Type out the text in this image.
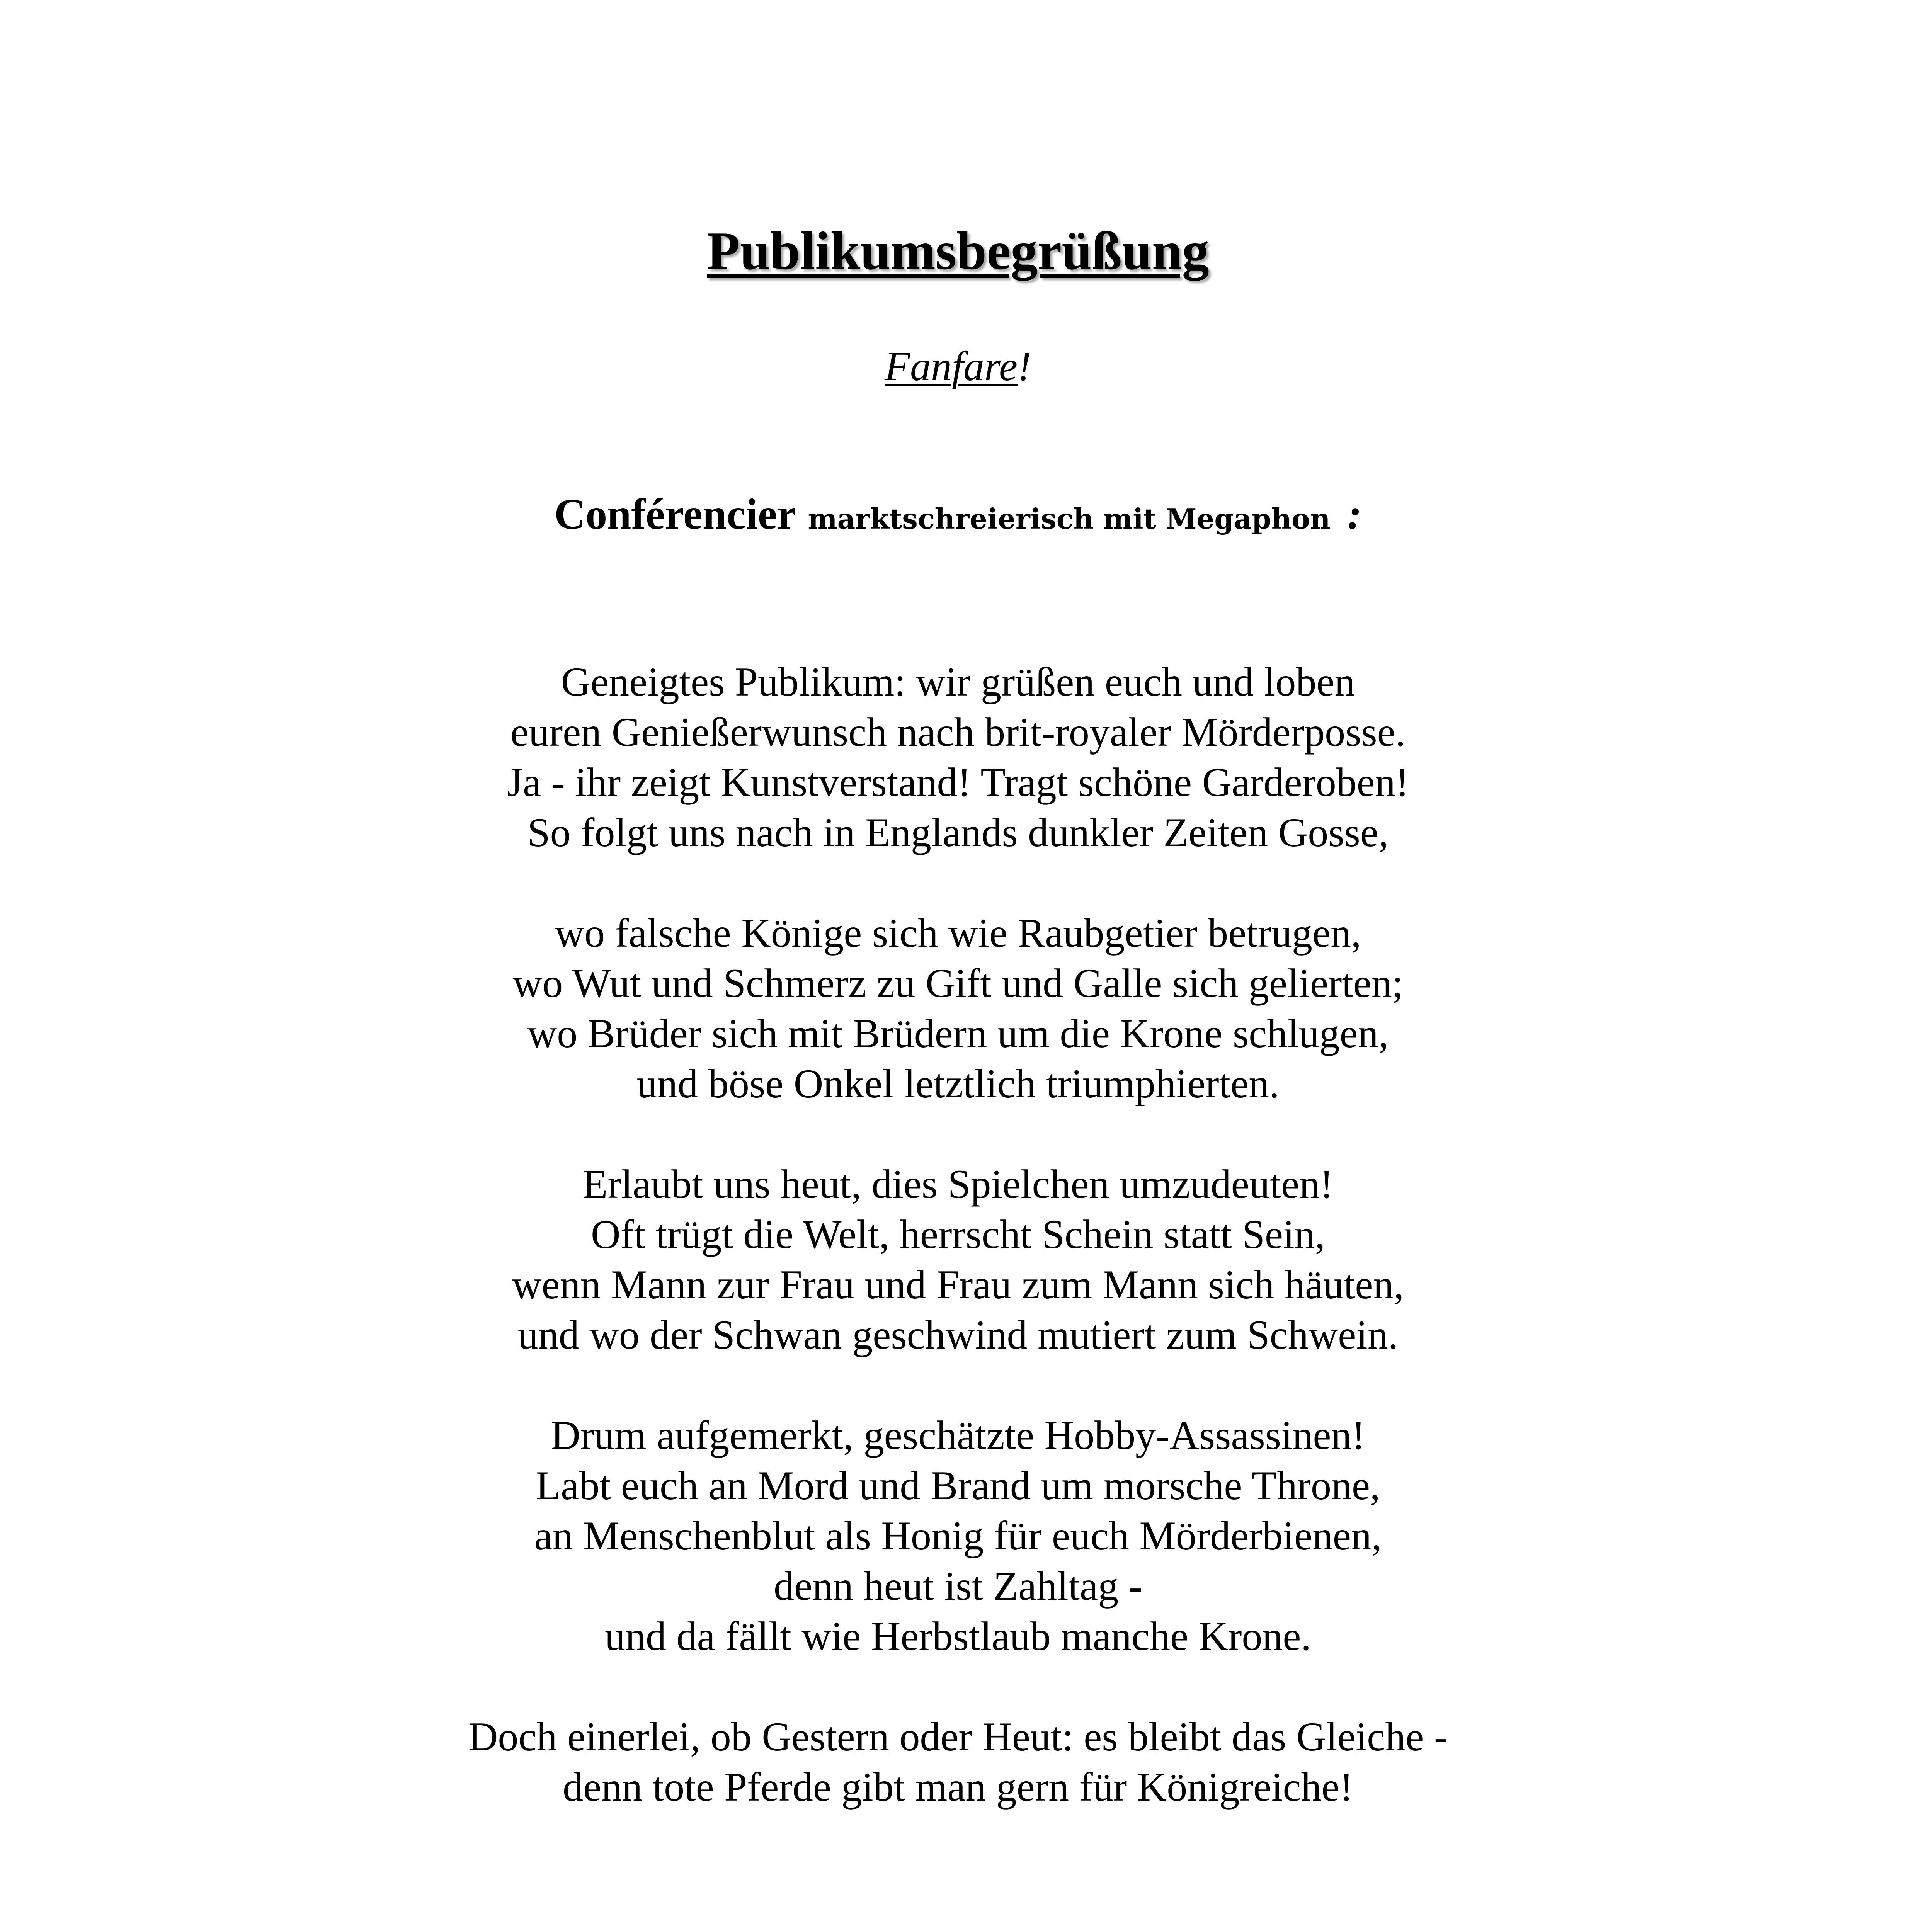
Publikumsbegrüßung
Fanfare!
Conférencier marktschreierisch mit Megaphon :
Geneigtes Publikum: wir grüßen euch und loben
euren Genießerwunsch nach brit-royaler Mörderposse.
Ja - ihr zeigt Kunstverstand! Tragt schöne Garderoben!
So folgt uns nach in Englands dunkler Zeiten Gosse,
wo falsche Könige sich wie Raubgetier betrugen,
wo Wut und Schmerz zu Gift und Galle sich gelierten;
wo Brüder sich mit Brüdern um die Krone schlugen,
und böse Onkel letztlich triumphierten.
Erlaubt uns heut, dies Spielchen umzudeuten!
Oft trügt die Welt, herrscht Schein statt Sein,
wenn Mann zur Frau und Frau zum Mann sich häuten,
und wo der Schwan geschwind mutiert zum Schwein.
Drum aufgemerkt, geschätzte Hobby-Assassinen!
Labt euch an Mord und Brand um morsche Throne,
an Menschenblut als Honig für euch Mörderbienen,
denn heut ist Zahltag -
und da fällt wie Herbstlaub manche Krone.
Doch einerlei, ob Gestern oder Heut: es bleibt das Gleiche -
denn tote Pferde gibt man gern für Königreiche!
